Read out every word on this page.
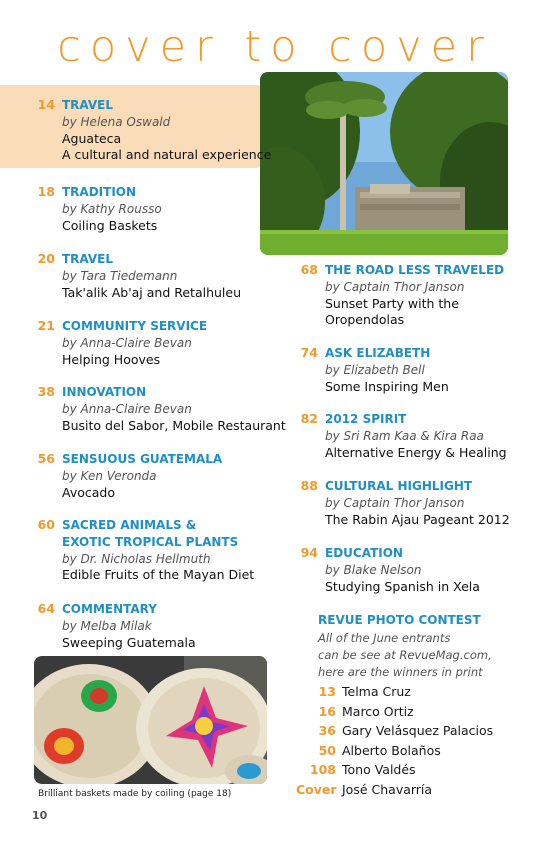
cover to cover
14 TRAVEL
by Helena Oswald
Aguateca
A cultural and natural experience
18 TRADITION
by Kathy Rousso
Coiling Baskets
20 TRAVEL
by Tara Tiedemann
Tak'alik Ab'aj and Retalhuleu
21 COMMUNITY SERVICE
by Anna-Claire Bevan
Helping Hooves
38 INNOVATION
by Anna-Claire Bevan
Busito del Sabor, Mobile Restaurant
56 SENSUOUS GUATEMALA
by Ken Veronda
Avocado
60 SACRED ANIMALS &
EXOTIC TROPICAL PLANTS
by Dr. Nicholas Hellmuth
Edible Fruits of the Mayan Diet
64 COMMENTARY
by Melba Milak
Sweeping Guatemala
68 THE ROAD LESS TRAVELED
by Captain Thor Janson
Sunset Party with the
Oropendolas
74 ASK ELIZABETH
by Elizabeth Bell
Some Inspiring Men
82 2012 SPIRIT
by Sri Ram Kaa & Kira Raa
Alternative Energy & Healing
88 CULTURAL HIGHLIGHT
by Captain Thor Janson
The Rabin Ajau Pageant 2012
94 EDUCATION
by Blake Nelson
Studying Spanish in Xela
REVUE PHOTO CONTEST
All of the June entrants
can be see at RevueMag.com,
here are the winners in print
13 Telma Cruz
16 Marco Ortiz
36 Gary Velásquez Palacios
50 Alberto Bolaños
108 Tono Valdés
Cover José Chavarría
Brilliant baskets made by coiling (page 18)
10
